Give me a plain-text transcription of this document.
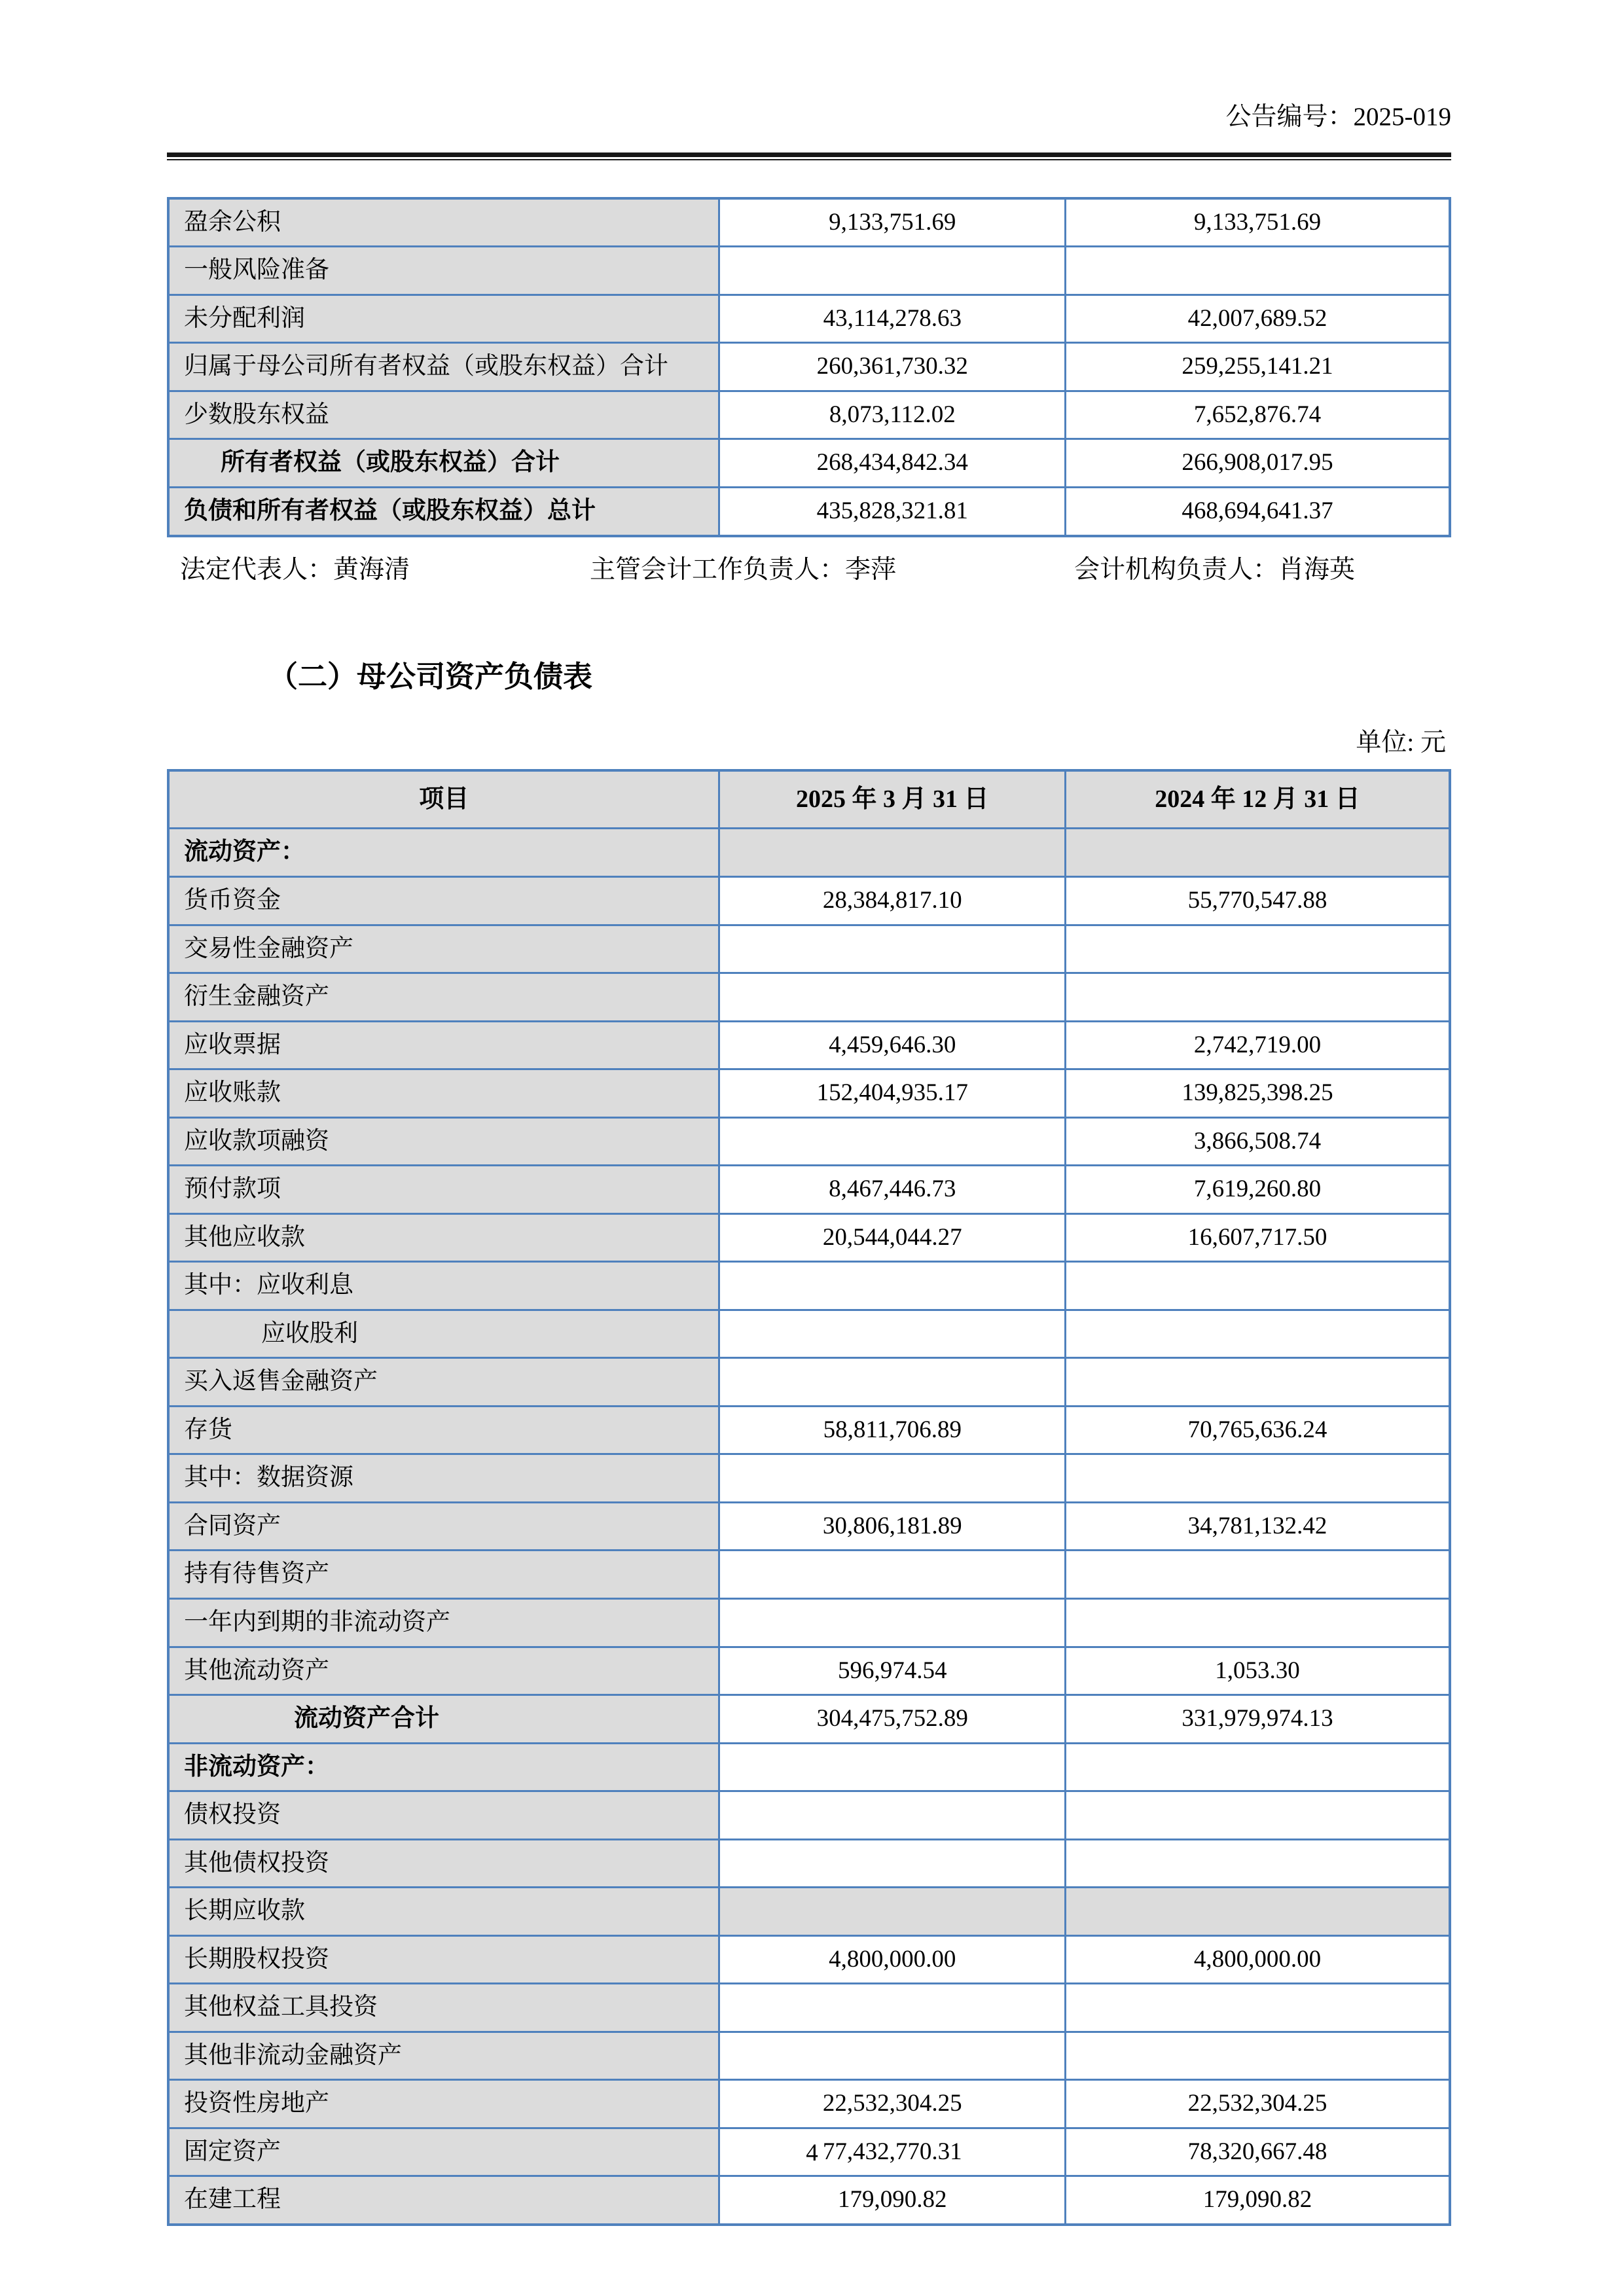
公告编号：2025-019
盈余公积	9,133,751.69	9,133,751.69
一般风险准备		
未分配利润	43,114,278.63	42,007,689.52
归属于母公司所有者权益（或股东权益）合计	260,361,730.32	259,255,141.21
少数股东权益	8,073,112.02	7,652,876.74
所有者权益（或股东权益）合计	268,434,842.34	266,908,017.95
负债和所有者权益（或股东权益）总计	435,828,321.81	468,694,641.37
法定代表人：黄海清	主管会计工作负责人：李萍	会计机构负责人：肖海英
（二）母公司资产负债表
单位: 元
项目	2025 年 3 月 31 日	2024 年 12 月 31 日
流动资产：		
货币资金	28,384,817.10	55,770,547.88
交易性金融资产		
衍生金融资产		
应收票据	4,459,646.30	2,742,719.00
应收账款	152,404,935.17	139,825,398.25
应收款项融资		3,866,508.74
预付款项	8,467,446.73	7,619,260.80
其他应收款	20,544,044.27	16,607,717.50
其中：应收利息		
应收股利		
买入返售金融资产		
存货	58,811,706.89	70,765,636.24
其中：数据资源		
合同资产	30,806,181.89	34,781,132.42
持有待售资产		
一年内到期的非流动资产		
其他流动资产	596,974.54	1,053.30
流动资产合计	304,475,752.89	331,979,974.13
非流动资产：		
债权投资		
其他债权投资		
长期应收款		
长期股权投资	4,800,000.00	4,800,000.00
其他权益工具投资		
其他非流动金融资产		
投资性房地产	22,532,304.25	22,532,304.25
固定资产	77,432,770.31	78,320,667.48
在建工程	179,090.82	179,090.82
4
